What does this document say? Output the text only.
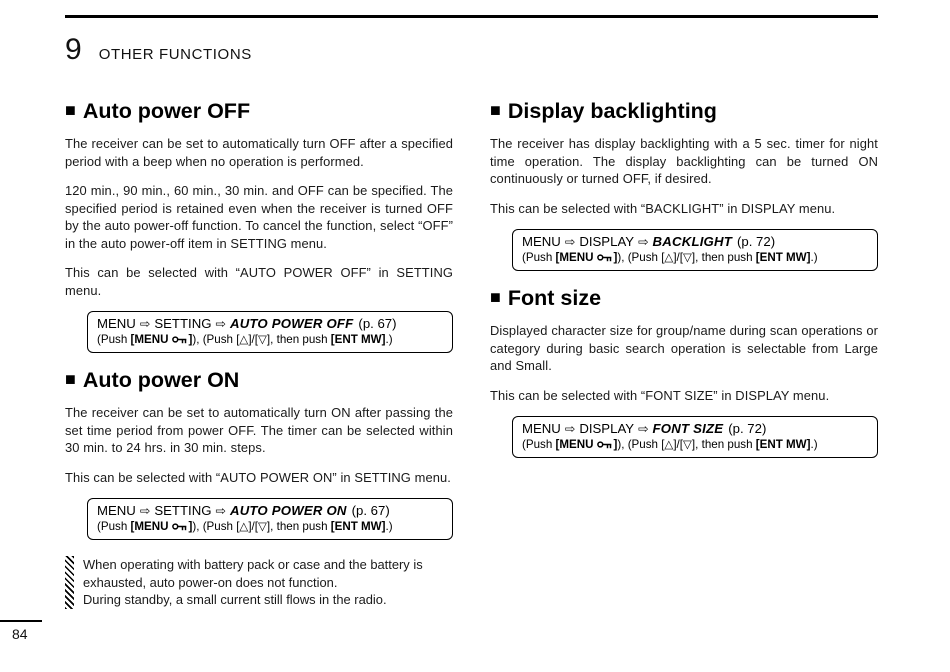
9 OTHER FUNCTIONS
■ Auto power OFF

The receiver can be set to automatically turn OFF after a specified period with a beep when no operation is performed.

120 min., 90 min., 60 min., 30 min. and OFF can be specified. The specified period is retained even when the receiver is turned OFF by the auto power-off function. To cancel the function, select “OFF” in the auto power-off item in SETTING menu.

This can be selected with “AUTO POWER OFF” in SETTING menu.

MENU ⇨ SETTING ⇨ AUTO POWER OFF (p. 67)
(Push [MENU ]), (Push [△]/[▽], then push [ENT MW].)
■ Auto power ON

The receiver can be set to automatically turn ON after passing the set time period from power OFF. The timer can be selected within 30 min. to 24 hrs. in 30 min. steps.

This can be selected with “AUTO POWER ON” in SETTING menu.

MENU ⇨ SETTING ⇨ AUTO POWER ON (p. 67)
(Push [MENU ]), (Push [△]/[▽], then push [ENT MW].)

When operating with battery pack or case and the battery is exhausted, auto power-on does not function.

During standby, a small current still flows in the radio.

■ Display backlighting

The receiver has display backlighting with a 5 sec. timer for night time operation. The display backlighting can be turned ON continuously or turned OFF, if desired.

This can be selected with “BACKLIGHT” in DISPLAY menu.

MENU ⇨ DISPLAY ⇨ BACKLIGHT (p. 72)
(Push [MENU ]), (Push [△]/[▽], then push [ENT MW].)
■ Font size

Displayed character size for group/name during scan operations or category during basic search operation is selectable from Large and Small.

This can be selected with “FONT SIZE” in DISPLAY menu.

MENU ⇨ DISPLAY ⇨ FONT SIZE (p. 72)
(Push [MENU ]), (Push [△]/[▽], then push [ENT MW].)
84
